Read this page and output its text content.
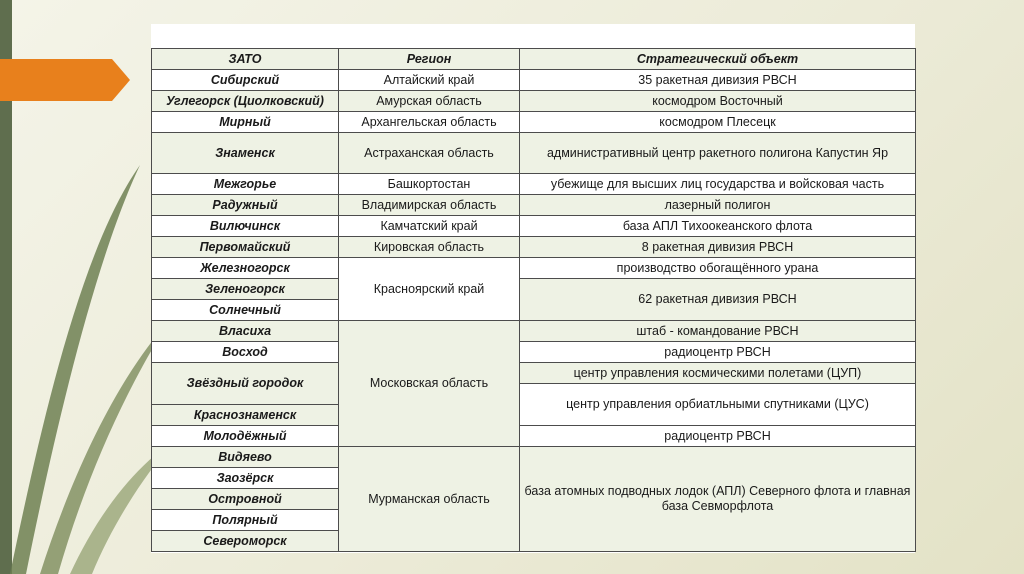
ЗАТО	Регион	Стратегический объект
Сибирский	Алтайский край	35 ракетная дивизия РВСН
Углегорск (Циолковский)	Амурская область	космодром Восточный
Мирный	Архангельская область	космодром Плесецк
Знаменск	Астраханская область	административный центр ракетного полигона Капустин Яр
Межгорье	Башкортостан	убежище для высших лиц государства и войсковая часть
Радужный	Владимирская область	лазерный полигон
Вилючинск	Камчатский край	база АПЛ Тихоокеанского флота
Первомайский	Кировская область	8 ракетная дивизия РВСН
Железногорск	Красноярский край	производство обогащённого урана
Зеленогорск		62 ракетная дивизия РВСН
Солнечный		
Власиха	Московская область	штаб - командование РВСН
Восход		радиоцентр РВСН
Звёздный городок		центр управления космическими полетами (ЦУП)
		центр управления орбиатльными спутниками (ЦУС)
Краснознаменск		
Молодёжный		радиоцентр РВСН
Видяево	Мурманская область	база атомных подводных лодок (АПЛ) Северного флота и главная база Севморфлота
Заозёрск		
Островной		
Полярный		
Североморск		
